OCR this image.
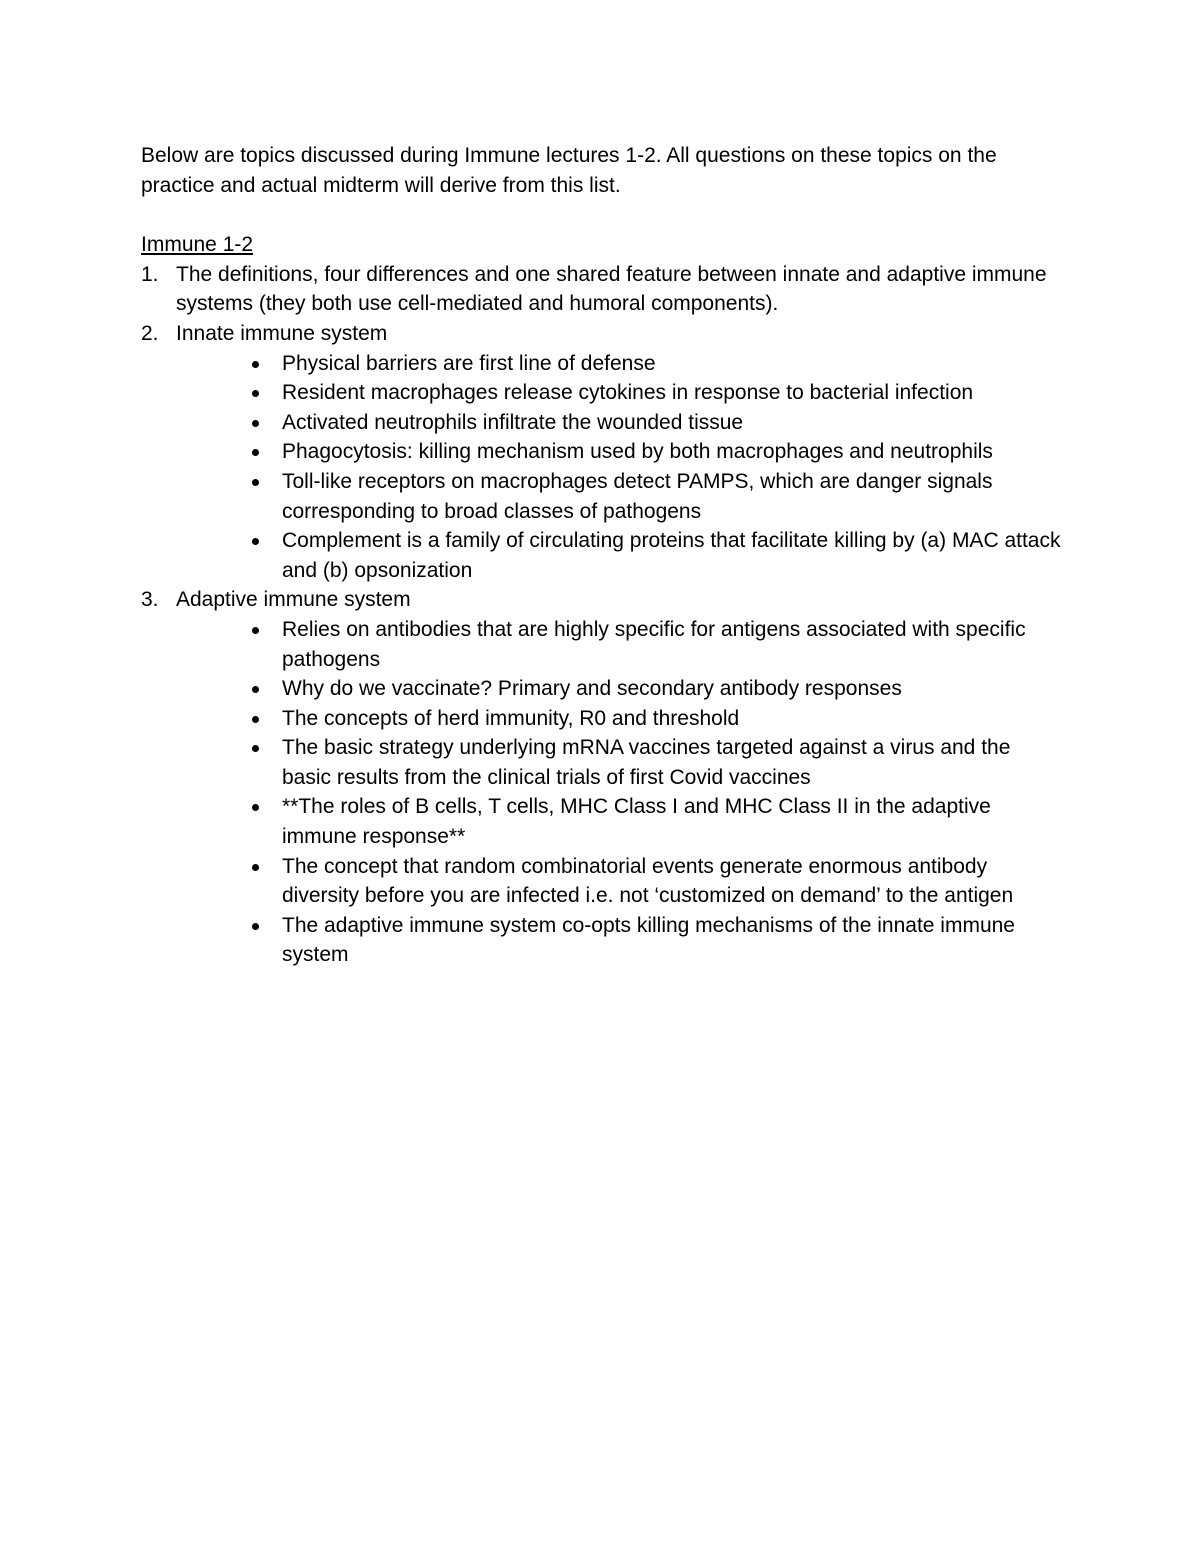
Below are topics discussed during Immune lectures 1-2. All questions on these topics on the practice and actual midterm will derive from this list.

Immune 1-2

1. The definitions, four differences and one shared feature between innate and adaptive immune systems (they both use cell-mediated and humoral components).
2. Innate immune system
Physical barriers are first line of defense
Resident macrophages release cytokines in response to bacterial infection
Activated neutrophils infiltrate the wounded tissue
Phagocytosis: killing mechanism used by both macrophages and neutrophils
Toll-like receptors on macrophages detect PAMPS, which are danger signals corresponding to broad classes of pathogens
Complement is a family of circulating proteins that facilitate killing by (a) MAC attack and (b) opsonization
3. Adaptive immune system
Relies on antibodies that are highly specific for antigens associated with specific pathogens
Why do we vaccinate? Primary and secondary antibody responses
The concepts of herd immunity, R0 and threshold
The basic strategy underlying mRNA vaccines targeted against a virus and the basic results from the clinical trials of first Covid vaccines
**The roles of B cells, T cells, MHC Class I and MHC Class II in the adaptive immune response**
The concept that random combinatorial events generate enormous antibody diversity before you are infected i.e. not ‘customized on demand’ to the antigen
The adaptive immune system co-opts killing mechanisms of the innate immune system
